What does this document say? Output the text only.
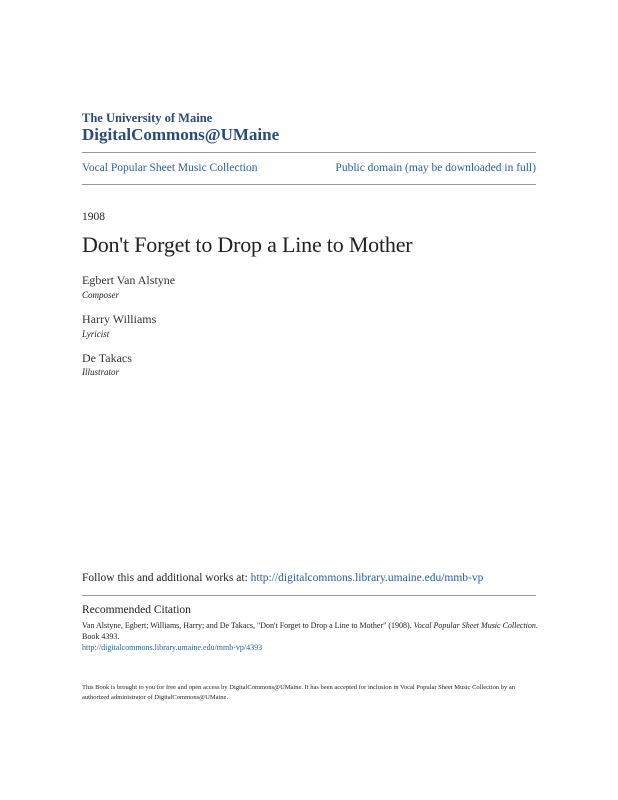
The University of Maine
DigitalCommons@UMaine
Vocal Popular Sheet Music Collection	Public domain (may be downloaded in full)
1908
Don't Forget to Drop a Line to Mother
Egbert Van Alstyne
Composer
Harry Williams
Lyricist
De Takacs
Illustrator
Follow this and additional works at: http://digitalcommons.library.umaine.edu/mmb-vp
Recommended Citation
Van Alstyne, Egbert; Williams, Harry; and De Takacs, "Don't Forget to Drop a Line to Mother" (1908). Vocal Popular Sheet Music Collection. Book 4393.
http://digitalcommons.library.umaine.edu/mmb-vp/4393
This Book is brought to you for free and open access by DigitalCommons@UMaine. It has been accepted for inclusion in Vocal Popular Sheet Music Collection by an authorized administrator of DigitalCommons@UMaine.
